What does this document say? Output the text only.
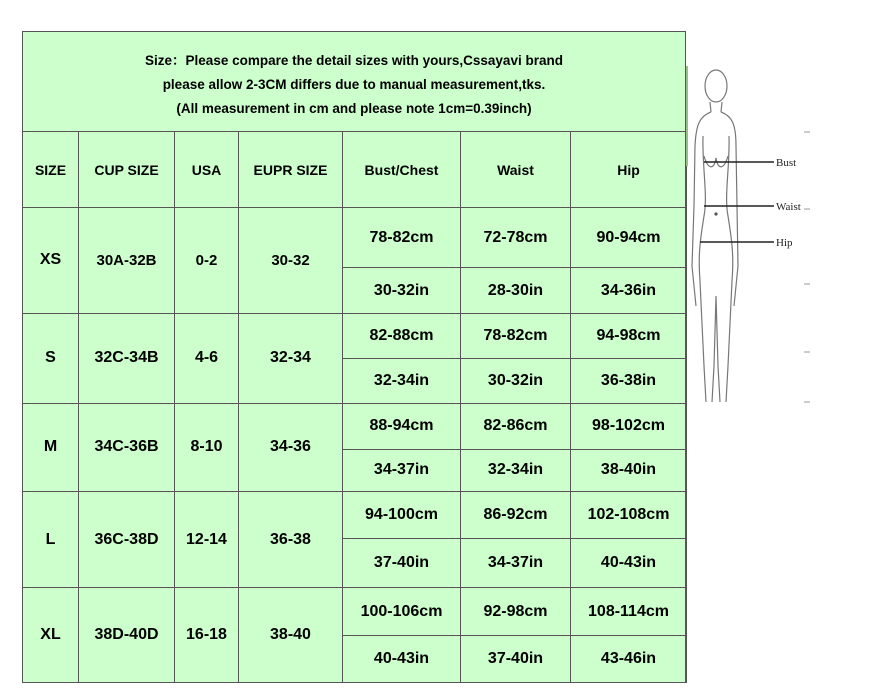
Size：Please compare the detail sizes with yours,Cssayavi brand
please allow 2-3CM differs due to manual measurement,tks.
(All measurement in cm and please note 1cm=0.39inch)
SIZE	CUP SIZE	USA	EUPR SIZE	Bust/Chest	Waist	Hip
XS	30A-32B	0-2	30-32	78-82cm	72-78cm	90-94cm
				30-32in	28-30in	34-36in
S	32C-34B	4-6	32-34	82-88cm	78-82cm	94-98cm
				32-34in	30-32in	36-38in
M	34C-36B	8-10	34-36	88-94cm	82-86cm	98-102cm
				34-37in	32-34in	38-40in
L	36C-38D	12-14	36-38	94-100cm	86-92cm	102-108cm
				37-40in	34-37in	40-43in
XL	38D-40D	16-18	38-40	100-106cm	92-98cm	108-114cm
				40-43in	37-40in	43-46in
Bust
Waist
Hip
